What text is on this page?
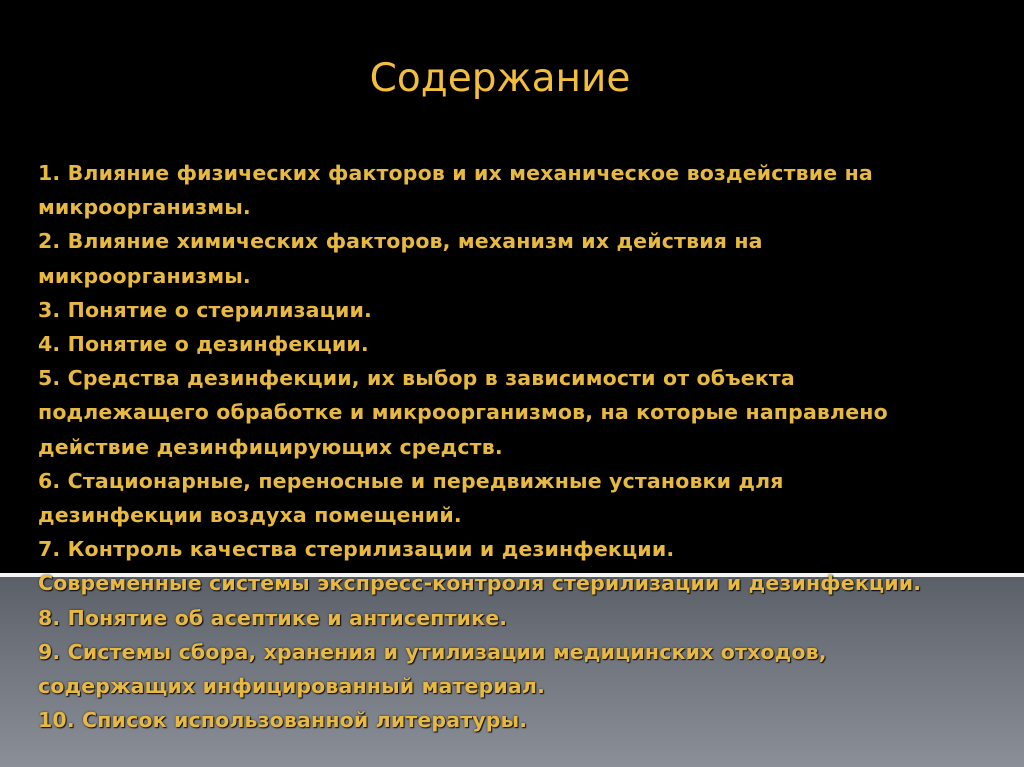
Содержание
1. Влияние физических факторов и их механическое воздействие на
микроорганизмы.
2. Влияние химических факторов, механизм их действия на
микроорганизмы.
3. Понятие о стерилизации.
4. Понятие о дезинфекции.
5. Средства дезинфекции, их выбор в зависимости от объекта
подлежащего обработке и микроорганизмов, на которые направлено
действие дезинфицирующих средств.
6. Стационарные, переносные и передвижные установки для
дезинфекции воздуха помещений.
7. Контроль качества стерилизации и дезинфекции.
Современные системы экспресс-контроля стерилизации и дезинфекции.
8. Понятие об асептике и антисептике.
9. Системы сбора, хранения и утилизации медицинских отходов,
содержащих инфицированный материал.
10. Список использованной литературы.
